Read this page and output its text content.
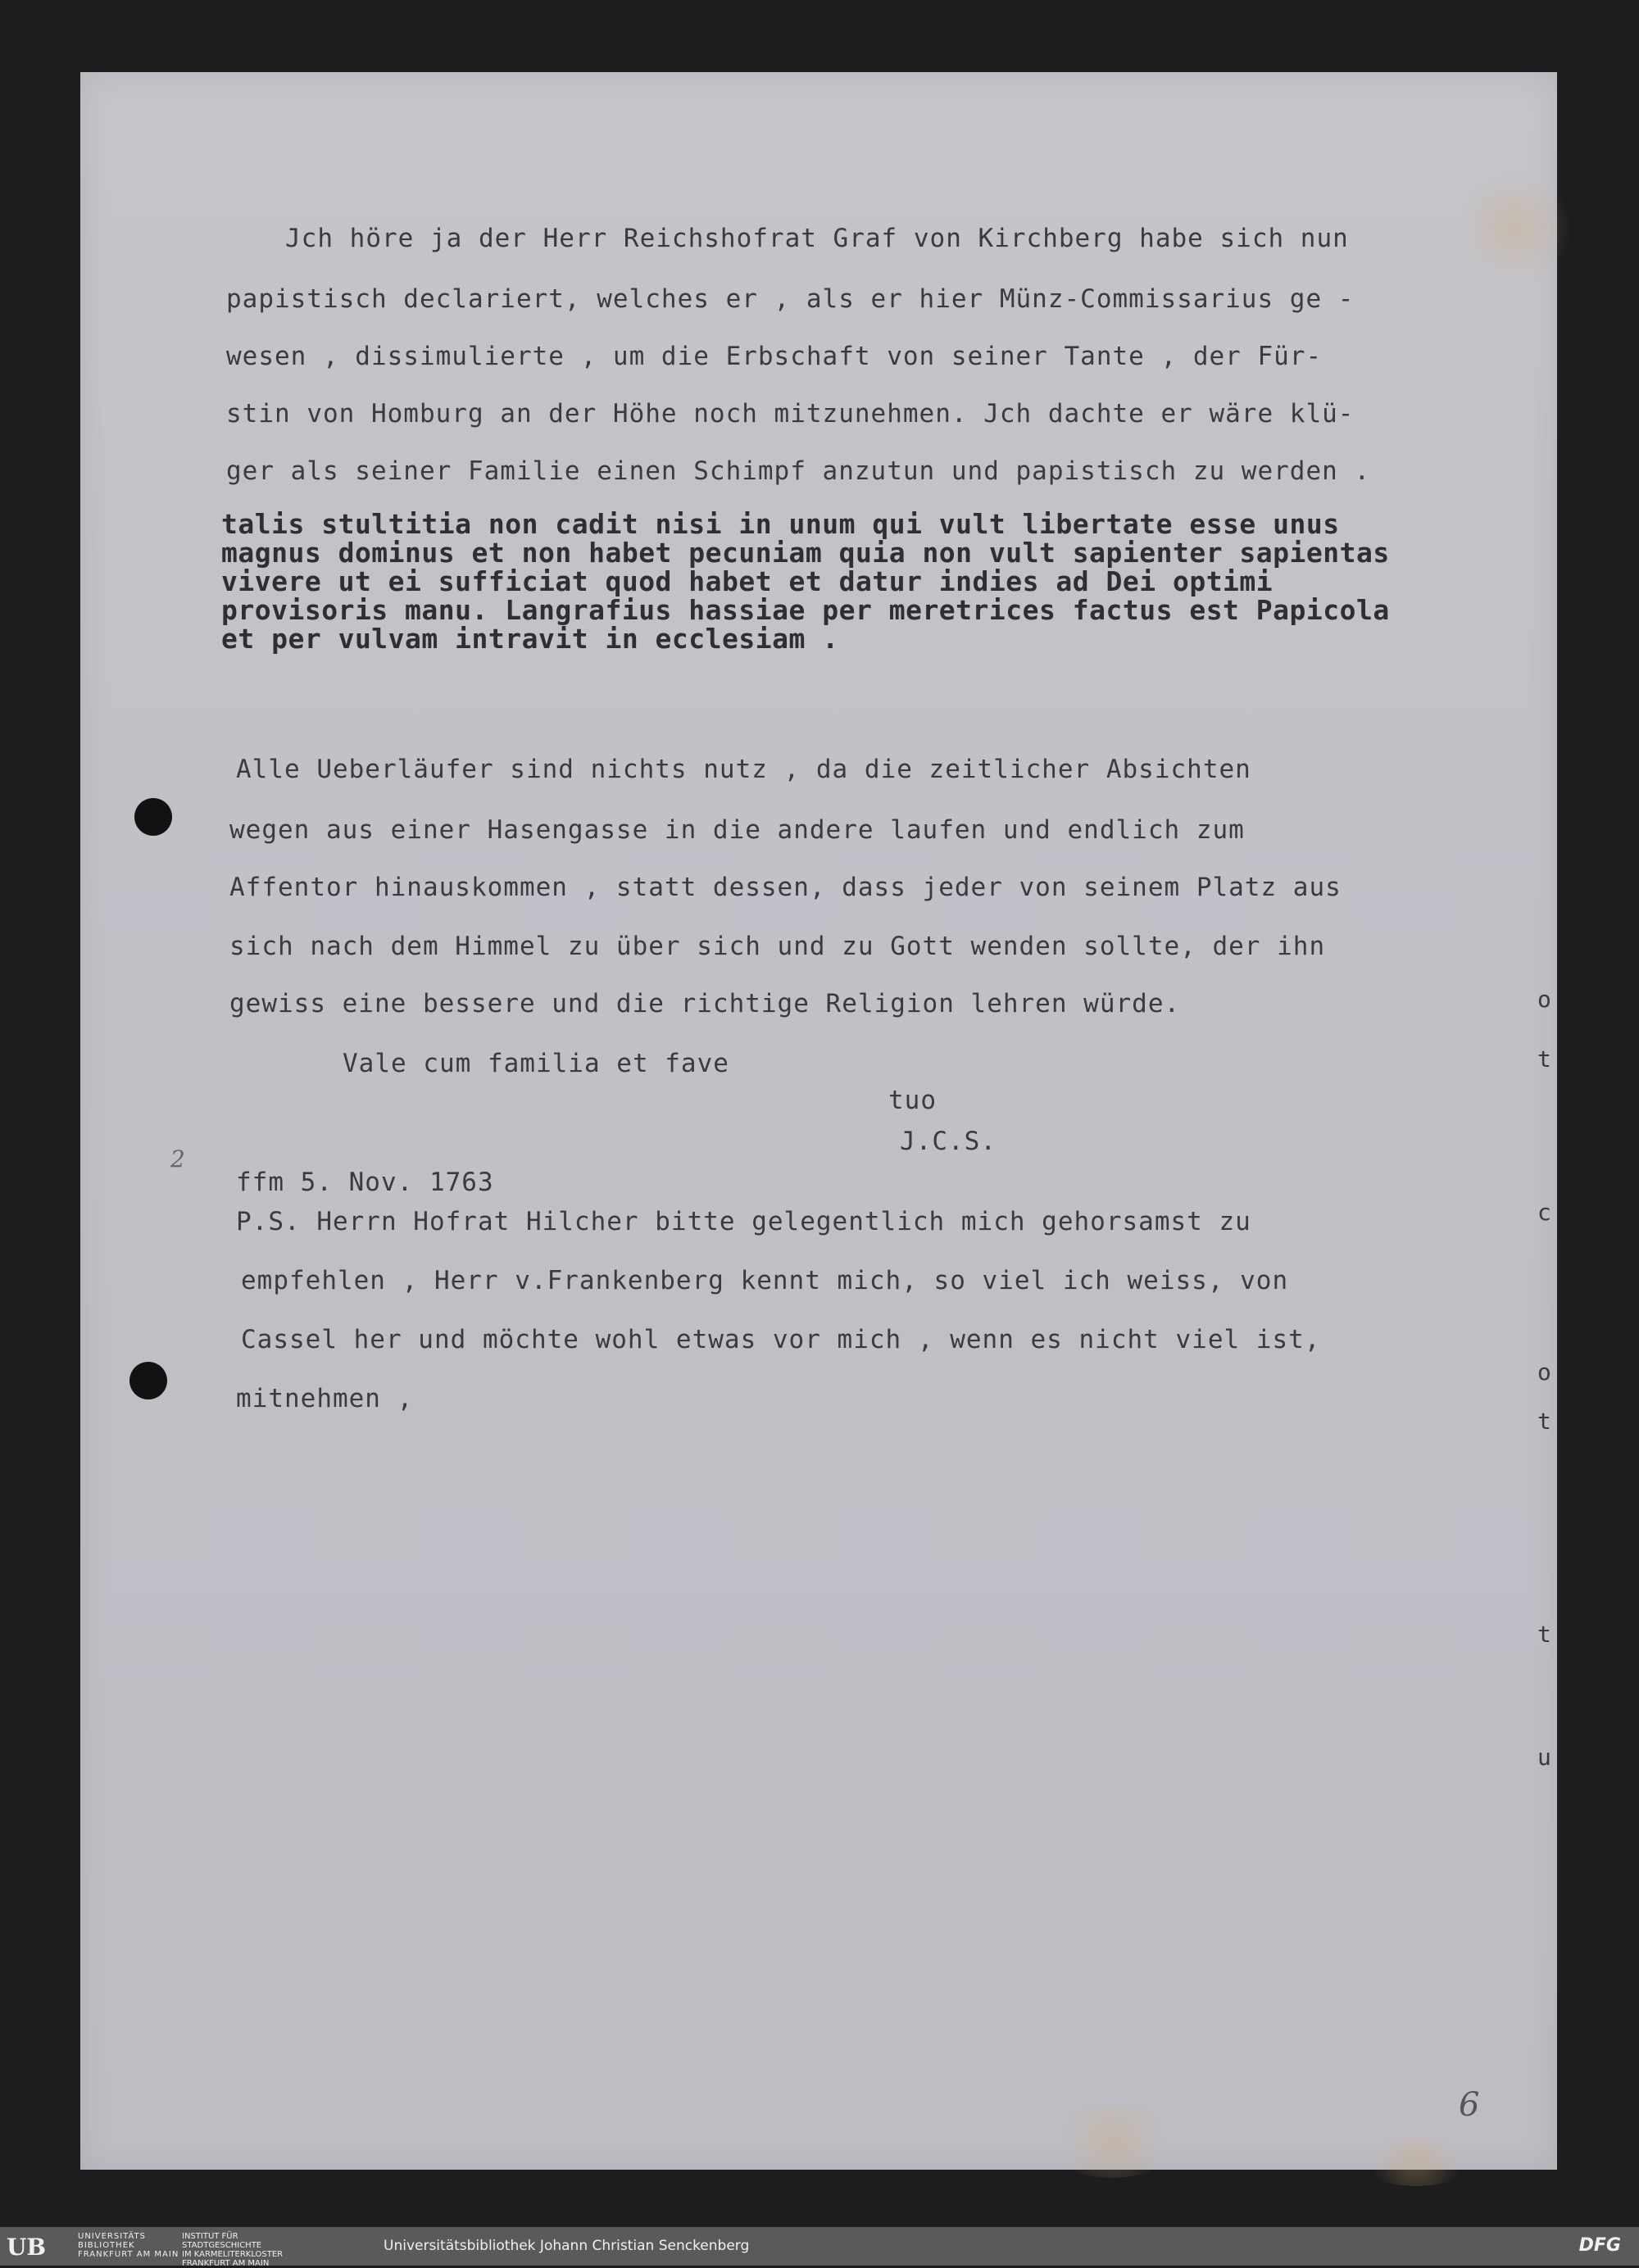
Jch höre ja der Herr Reichshofrat Graf von Kirchberg habe sich nun
papistisch declariert, welches er , als er hier Münz-Commissarius ge -
wesen , dissimulierte , um die Erbschaft von seiner Tante , der Für-
stin von Homburg an der Höhe noch mitzunehmen. Jch dachte er wäre klü-
ger als seiner Familie einen Schimpf anzutun und papistisch zu werden .
talis stultitia non cadit nisi in unum qui vult libertate esse unus
magnus dominus et non habet pecuniam quia non vult sapienter sapientas
vivere ut ei sufficiat quod habet et datur indies ad Dei optimi
provisoris manu. Langrafius hassiae per meretrices factus est Papicola
et per vulvam intravit in ecclesiam .
Alle Ueberläufer sind nichts nutz , da die zeitlicher Absichten
wegen aus einer Hasengasse in die andere laufen und endlich zum
Affentor hinauskommen , statt dessen, dass jeder von seinem Platz aus
sich nach dem Himmel zu über sich und zu Gott wenden sollte, der ihn
gewiss eine bessere und die richtige Religion lehren würde.
Vale cum familia et fave
tuo
J.C.S.
ffm 5. Nov. 1763
P.S. Herrn Hofrat Hilcher bitte gelegentlich mich gehorsamst zu
empfehlen , Herr v.Frankenberg kennt mich, so viel ich weiss, von
Cassel her und möchte wohl etwas vor mich , wenn es nicht viel ist,
mitnehmen ,
o
t
c
o
t
t
u
2
6
UB	UNIVERSITÄTS
BIBLIOTHEK
FRANKFURT AM MAIN
INSTITUT FÜR
STADTGESCHICHTE
IM KARMELITERKLOSTER
FRANKFURT AM MAIN
Universitätsbibliothek Johann Christian Senckenberg	DFG
